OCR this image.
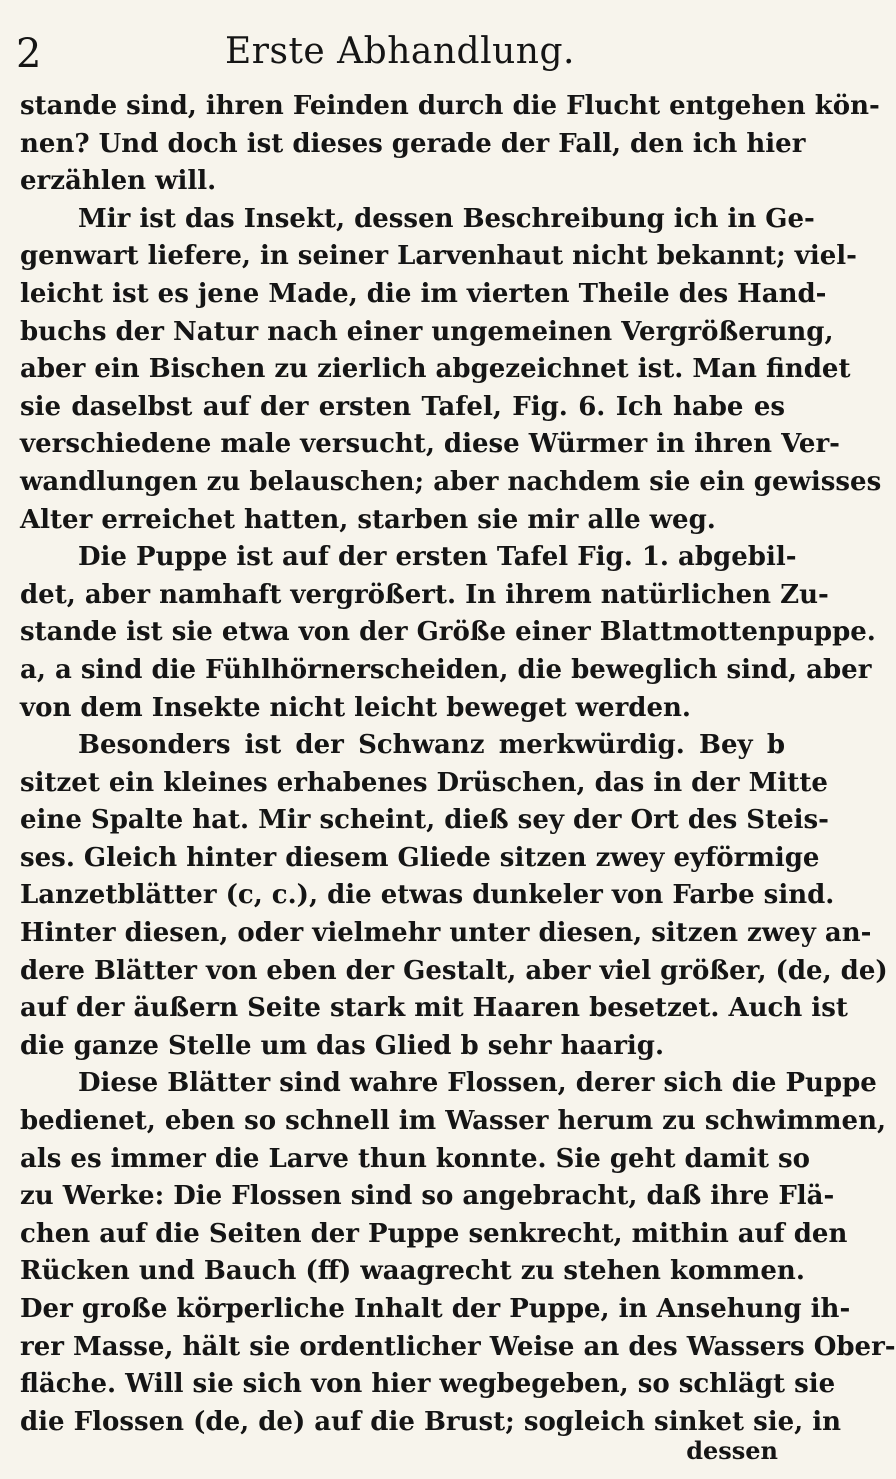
2	Erste Abhandlung.
stande sind, ihren Feinden durch die Flucht entgehen kön-
nen? Und doch ist dieses gerade der Fall, den ich hier
erzählen will.
Mir ist das Insekt, dessen Beschreibung ich in Ge-
genwart liefere, in seiner Larvenhaut nicht bekannt; viel-
leicht ist es jene Made, die im vierten Theile des Hand-
buchs der Natur nach einer ungemeinen Vergrößerung,
aber ein Bischen zu zierlich abgezeichnet ist. Man findet
sie daselbst auf der ersten Tafel, Fig. 6. Ich habe es
verschiedene male versucht, diese Würmer in ihren Ver-
wandlungen zu belauschen; aber nachdem sie ein gewisses
Alter erreichet hatten, starben sie mir alle weg.
Die Puppe ist auf der ersten Tafel Fig. 1. abgebil-
det, aber namhaft vergrößert. In ihrem natürlichen Zu-
stande ist sie etwa von der Größe einer Blattmottenpuppe.
a, a sind die Fühlhörnerscheiden, die beweglich sind, aber
von dem Insekte nicht leicht beweget werden.
Besonders ist der Schwanz merkwürdig. Bey b
sitzet ein kleines erhabenes Drüschen, das in der Mitte
eine Spalte hat. Mir scheint, dieß sey der Ort des Steis-
ses. Gleich hinter diesem Gliede sitzen zwey eyförmige
Lanzetblätter (c, c.), die etwas dunkeler von Farbe sind.
Hinter diesen, oder vielmehr unter diesen, sitzen zwey an-
dere Blätter von eben der Gestalt, aber viel größer, (de, de)
auf der äußern Seite stark mit Haaren besetzet. Auch ist
die ganze Stelle um das Glied b sehr haarig.
Diese Blätter sind wahre Flossen, derer sich die Puppe
bedienet, eben so schnell im Wasser herum zu schwimmen,
als es immer die Larve thun konnte. Sie geht damit so
zu Werke: Die Flossen sind so angebracht, daß ihre Flä-
chen auf die Seiten der Puppe senkrecht, mithin auf den
Rücken und Bauch (ff) waagrecht zu stehen kommen.
Der große körperliche Inhalt der Puppe, in Ansehung ih-
rer Masse, hält sie ordentlicher Weise an des Wassers Ober-
fläche. Will sie sich von hier wegbegeben, so schlägt sie
die Flossen (de, de) auf die Brust; sogleich sinket sie, in
dessen
